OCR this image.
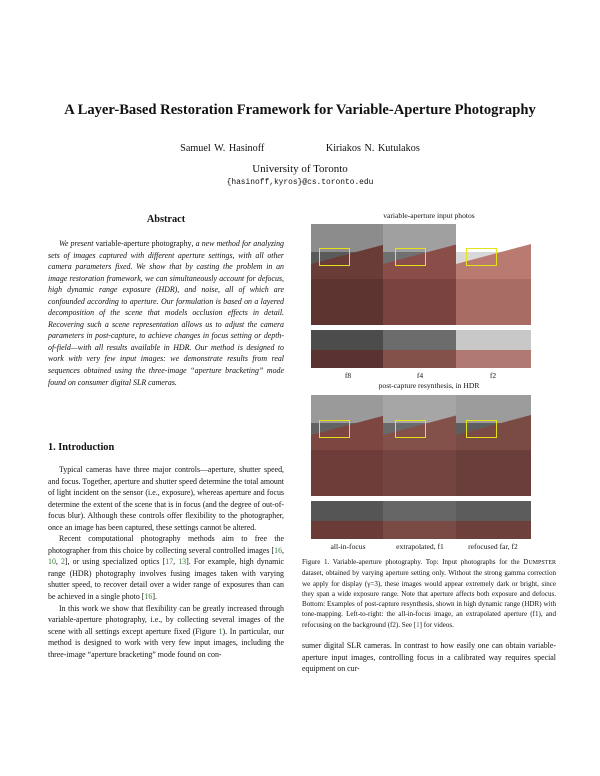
A Layer-Based Restoration Framework for Variable-Aperture Photography
Samuel W. Hasinoff	Kiriakos N. Kutulakos
University of Toronto
{hasinoff,kyros}@cs.toronto.edu
Abstract
We present variable-aperture photography, a new method for analyzing sets of images captured with different aperture settings, with all other camera parameters fixed. We show that by casting the problem in an image restoration framework, we can simultaneously account for defocus, high dynamic range exposure (HDR), and noise, all of which are confounded according to aperture. Our formulation is based on a layered decomposition of the scene that models occlusion effects in detail. Recovering such a scene representation allows us to adjust the camera parameters in post-capture, to achieve changes in focus setting or depth-of-field—with all results available in HDR. Our method is designed to work with very few input images: we demonstrate results from real sequences obtained using the three-image “aperture bracketing” mode found on consumer digital SLR cameras.
1. Introduction

Typical cameras have three major controls—aperture, shutter speed, and focus. Together, aperture and shutter speed determine the total amount of light incident on the sensor (i.e., exposure), whereas aperture and focus determine the extent of the scene that is in focus (and the degree of out-of-focus blur). Although these controls offer flexibility to the photographer, once an image has been captured, these settings cannot be altered.

Recent computational photography methods aim to free the photographer from this choice by collecting several controlled images [16, 10, 2], or using specialized optics [17, 13]. For example, high dynamic range (HDR) photography involves fusing images taken with varying shutter speed, to recover detail over a wider range of exposures than can be achieved in a single photo [16].

In this work we show that flexibility can be greatly increased through variable-aperture photography, i.e., by collecting several images of the scene with all settings except aperture fixed (Figure 1). In particular, our method is designed to work with very few input images, including the three-image “aperture bracketing” mode found on con-

variable-aperture input photos
f8	f4	f2
post-capture resynthesis, in HDR
all-in-focus	extrapolated, f1	refocused far, f2
Figure 1. Variable-aperture photography. Top: Input photographs for the DUMPSTER dataset, obtained by varying aperture setting only. Without the strong gamma correction we apply for display (γ=3), these images would appear extremely dark or bright, since they span a wide exposure range. Note that aperture affects both exposure and defocus. Bottom: Examples of post-capture resynthesis, shown in high dynamic range (HDR) with tone-mapping. Left-to-right: the all-in-focus image, an extrapolated aperture (f1), and refocusing on the background (f2). See [1] for videos.
sumer digital SLR cameras. In contrast to how easily one can obtain variable-aperture input images, controlling focus in a calibrated way requires special equipment on cur-
